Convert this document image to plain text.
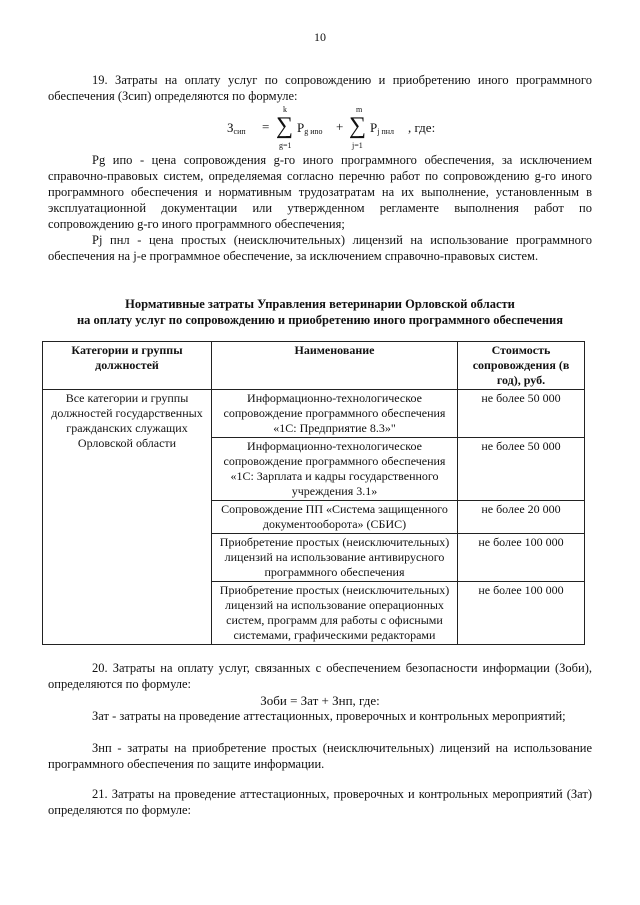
10

19. Затраты на оплату услуг по сопровождению и приобретению иного программного обеспечения (Зсип) определяются по формуле:

$З_{сип}$ =
k
∑
g=1
$P_{g иnо}$ +
m
∑
j=1
$P_{j пнл}$ , где:

Pg ипо - цена сопровождения g-го иного программного обеспечения, за исключением справочно-правовых систем, определяемая согласно перечню работ по сопровождению g-го иного программного обеспечения и нормативным трудозатратам на их выполнение, установленным в эксплуатационной документации или утвержденном регламенте выполнения работ по сопровождению g-го иного программного обеспечения;

Pj пнл - цена простых (неисключительных) лицензий на использование программного обеспечения на j-е программное обеспечение, за исключением справочно-правовых систем.

Нормативные затраты Управления ветеринарии Орловской области
на оплату услуг по сопровождению и приобретению иного программного обеспечения
Категории и группы должностей	Наименование	Стоимость сопровождения (в год), руб.
Все категории и группы должностей государственных гражданских служащих Орловской области	Информационно-технологическое сопровождение программного обеспечения «1С: Предприятие 8.3»"	не более 50 000
	Информационно-технологическое сопровождение программного обеспечения «1С: Зарплата и кадры государственного учреждения 3.1»	не более 50 000
	Сопровождение ПП «Система защищенного документооборота» (СБИС)	не более 20 000
	Приобретение простых (неисключительных) лицензий на использование антивирусного программного обеспечения	не более 100 000
	Приобретение простых (неисключительных) лицензий на использование операционных систем, программ для работы с офисными системами, графическими редакторами	не более 100 000

20. Затраты на оплату услуг, связанных с обеспечением безопасности информации (Зоби), определяются по формуле:

Зоби = Зат + Знп, где:

Зат - затраты на проведение аттестационных, проверочных и контрольных мероприятий;

Знп - затраты на приобретение простых (неисключительных) лицензий на использование программного обеспечения по защите информации.

21. Затраты на проведение аттестационных, проверочных и контрольных мероприятий (Зат) определяются по формуле:
